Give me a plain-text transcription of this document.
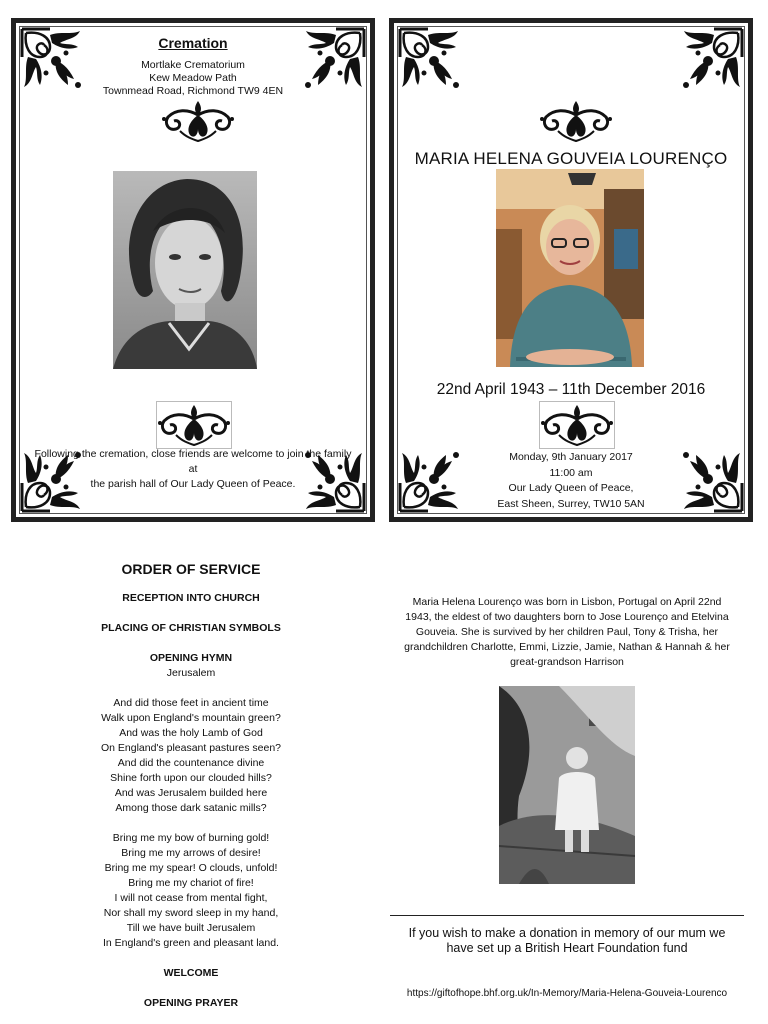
Cremation
Mortlake Crematorium
Kew Meadow Path
Townmead Road, Richmond TW9 4EN
Following the cremation, close friends are welcome to join the family
at
the parish hall of Our Lady Queen of Peace.
MARIA HELENA GOUVEIA LOURENÇO
22nd April 1943 – 11th December 2016
Monday, 9th January 2017
11:00 am
Our Lady Queen of Peace,
East Sheen, Surrey, TW10 5AN
ORDER OF SERVICE
RECEPTION INTO CHURCH
PLACING OF CHRISTIAN SYMBOLS
OPENING HYMN
Jerusalem
And did those feet in ancient time
Walk upon England's mountain green?
And was the holy Lamb of God
On England's pleasant pastures seen?
And did the countenance divine
Shine forth upon our clouded hills?
And was Jerusalem builded here
Among those dark satanic mills?
Bring me my bow of burning gold!
Bring me my arrows of desire!
Bring me my spear! O clouds, unfold!
Bring me my chariot of fire!
I will not cease from mental fight,
Nor shall my sword sleep in my hand,
Till we have built Jerusalem
In England's green and pleasant land.
WELCOME
OPENING PRAYER
Maria Helena Lourenço was born in Lisbon, Portugal on April 22nd
1943, the eldest of two daughters born to Jose Lourenço and Etelvina
Gouveia. She is survived by her children Paul, Tony & Trisha, her
grandchildren Charlotte, Emmi, Lizzie, Jamie, Nathan & Hannah & her
great-grandson Harrison
If you wish to make a donation in memory of our mum we
have set up a British Heart Foundation fund
https://giftofhope.bhf.org.uk/In-Memory/Maria-Helena-Gouveia-Lourenco
